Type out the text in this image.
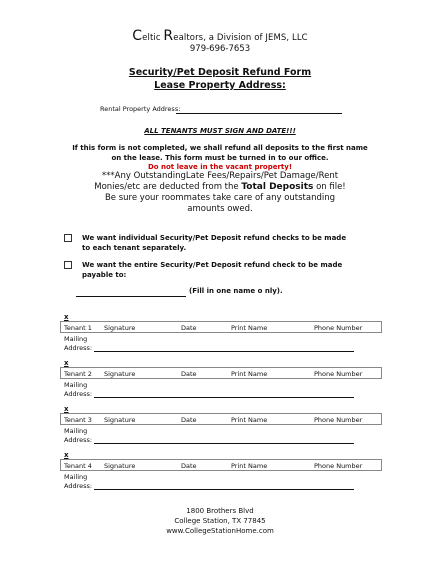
Celtic Realtors, a Division of JEMS, LLC
979-696-7653
Security/Pet Deposit Refund Form
Lease Property Address:
Rental Property Address:
ALL TENANTS MUST SIGN AND DATE!!!
If this form is not completed, we shall refund all deposits to the first name
on the lease. This form must be turned in to our office.
Do not leave in the vacant property!
***Any OutstandingLate Fees/Repairs/Pet Damage/Rent
Monies/etc are deducted from the Total Deposits on file!
Be sure your roommates take care of any outstanding
amounts owed.
We want individual Security/Pet Deposit refund checks to be made
to each tenant separately.
We want the entire Security/Pet Deposit refund check to be made
payable to:
(Fill in one name o nly).
x
Tenant 1 Signature	Date	Print Name	Phone Number
Mailing
Address:
x
Tenant 2 Signature	Date	Print Name	Phone Number
Mailing
Address:
x
Tenant 3 Signature	Date	Print Name	Phone Number
Mailing
Address:
x
Tenant 4 Signature	Date	Print Name	Phone Number
Mailing
Address:
1800 Brothers Blvd
College Station, TX 77845
www.CollegeStationHome.com
